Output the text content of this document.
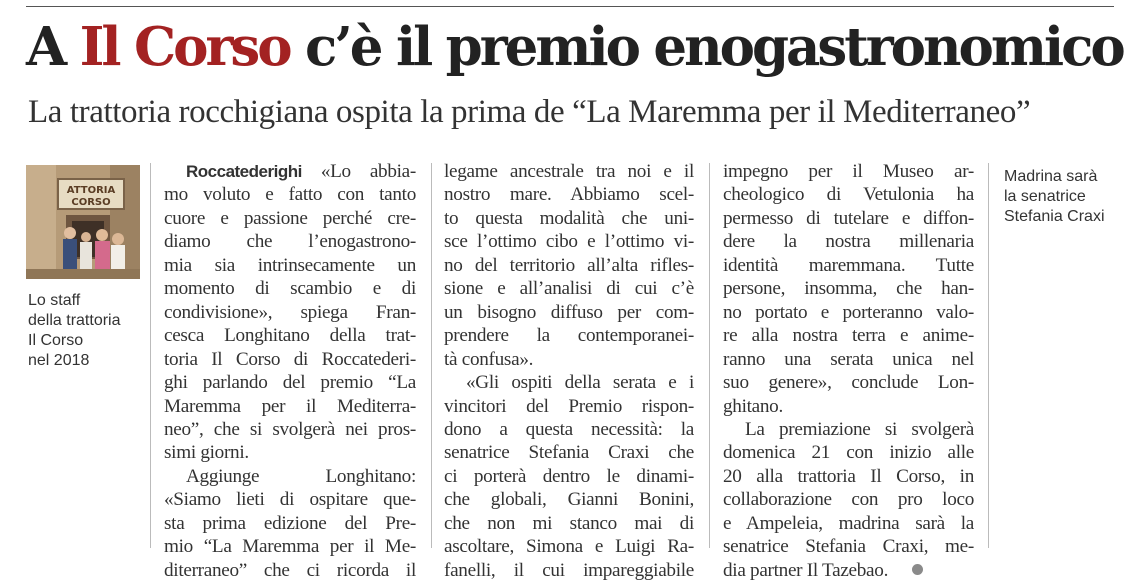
A Il Corso c’è il premio enogastronomico
La trattoria rocchigiana ospita la prima de “La Maremma per il Mediterraneo”
ATTORIA
CORSO
Lo staff
della trattoria
Il Corso
nel 2018
Roccatederighi «Lo abbia-
mo voluto e fatto con tanto
cuore e passione perché cre-
diamo che l’enogastrono-
mia sia intrinsecamente un
momento di scambio e di
condivisione», spiega Fran-
cesca Longhitano della trat-
toria Il Corso di Roccatederi-
ghi parlando del premio “La
Maremma per il Mediterra-
neo”, che si svolgerà nei pros-
simi giorni.
Aggiunge Longhitano:
«Siamo lieti di ospitare que-
sta prima edizione del Pre-
mio “La Maremma per il Me-
diterraneo” che ci ricorda il
legame ancestrale tra noi e il
nostro mare. Abbiamo scel-
to questa modalità che uni-
sce l’ottimo cibo e l’ottimo vi-
no del territorio all’alta rifles-
sione e all’analisi di cui c’è
un bisogno diffuso per com-
prendere la contemporanei-
tà confusa».
«Gli ospiti della serata e i
vincitori del Premio rispon-
dono a questa necessità: la
senatrice Stefania Craxi che
ci porterà dentro le dinami-
che globali, Gianni Bonini,
che non mi stanco mai di
ascoltare, Simona e Luigi Ra-
fanelli, il cui impareggiabile
impegno per il Museo ar-
cheologico di Vetulonia ha
permesso di tutelare e diffon-
dere la nostra millenaria
identità maremmana. Tutte
persone, insomma, che han-
no portato e porteranno valo-
re alla nostra terra e anime-
ranno una serata unica nel
suo genere», conclude Lon-
ghitano.
La premiazione si svolgerà
domenica 21 con inizio alle
20 alla trattoria Il Corso, in
collaborazione con pro loco
e Ampeleia, madrina sarà la
senatrice Stefania Craxi, me-
dia partner Il Tazebao.
Madrina sarà
la senatrice
Stefania Craxi
